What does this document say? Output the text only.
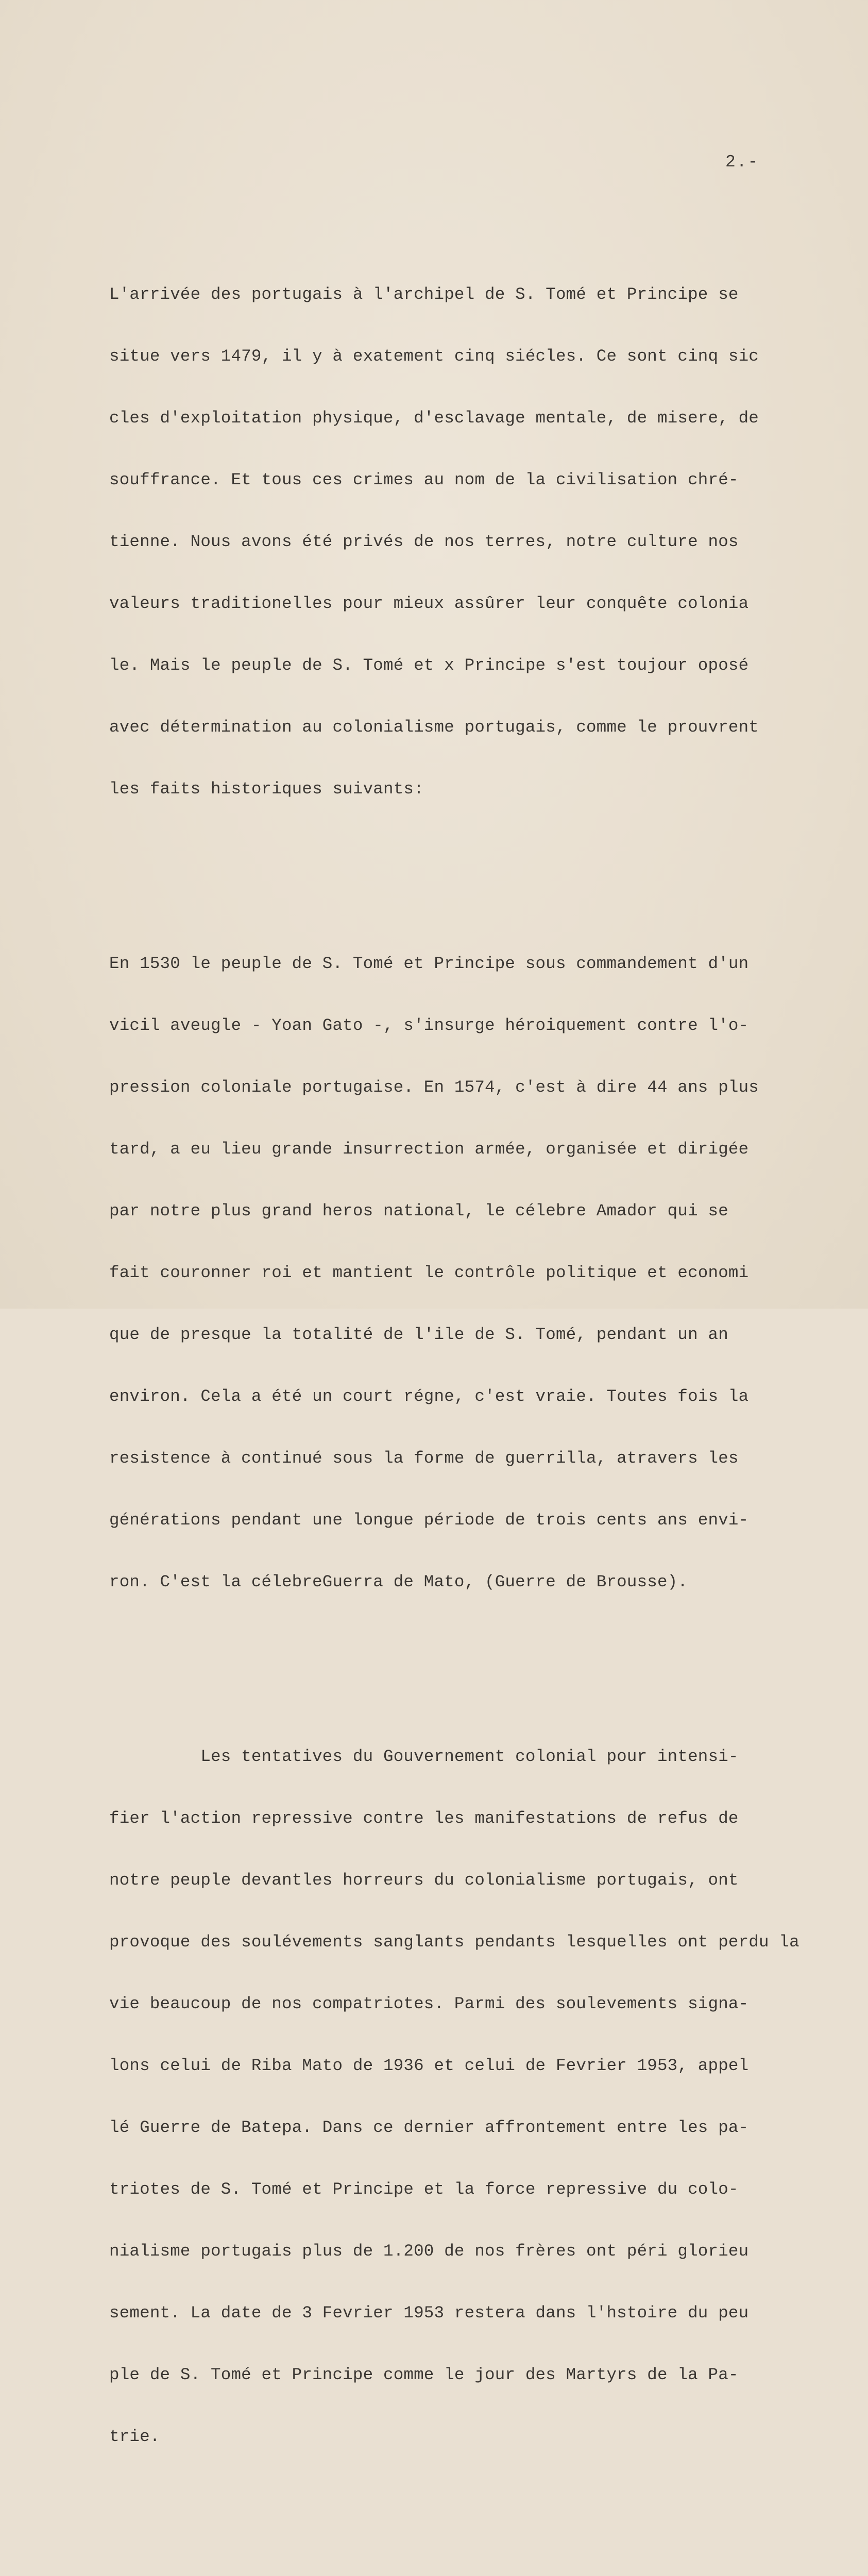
2.-

L'arrivée des portugais à l'archipel de S. Tomé et Principe se

situe vers 1479, il y à exatement cinq siécles. Ce sont cinq sic

cles d'exploitation physique, d'esclavage mentale, de misere, de

souffrance. Et tous ces crimes au nom de la civilisation chré-

tienne. Nous avons été privés de nos terres, notre culture nos

valeurs traditionelles pour mieux assûrer leur conquête colonia

le. Mais le peuple de S. Tomé et x Principe s'est toujour oposé

avec détermination au colonialisme portugais, comme le prouvrent

les faits historiques suivants:

En 1530 le peuple de S. Tomé et Principe sous commandement d'un

vicil aveugle - Yoan Gato -, s'insurge héroiquement contre l'o-

pression coloniale portugaise. En 1574, c'est à dire 44 ans plus

tard, a eu lieu grande insurrection armée, organisée et dirigée

par notre plus grand heros national, le célebre Amador qui se

fait couronner roi et mantient le contrôle politique et economi

que de presque la totalité de l'ile de S. Tomé, pendant un an

environ. Cela a été un court régne, c'est vraie. Toutes fois la

resistence à continué sous la forme de guerrilla, atravers les

générations pendant une longue période de trois cents ans envi-

ron. C'est la célebreGuerra de Mato, (Guerre de Brousse).

Les tentatives du Gouvernement colonial pour intensi-

fier l'action repressive contre les manifestations de refus de

notre peuple devantles horreurs du colonialisme portugais, ont

provoque des soulévements sanglants pendants lesquelles ont perdu la

vie beaucoup de nos compatriotes. Parmi des soulevements signa-

lons celui de Riba Mato de 1936 et celui de Fevrier 1953, appel

lé Guerre de Batepa. Dans ce dernier affrontement entre les pa-

triotes de S. Tomé et Principe et la force repressive du colo-

nialisme portugais plus de 1.200 de nos frères ont péri glorieu

sement. La date de 3 Fevrier 1953 restera dans l'hstoire du peu

ple de S. Tomé et Principe comme le jour des Martyrs de la Pa-

trie.
